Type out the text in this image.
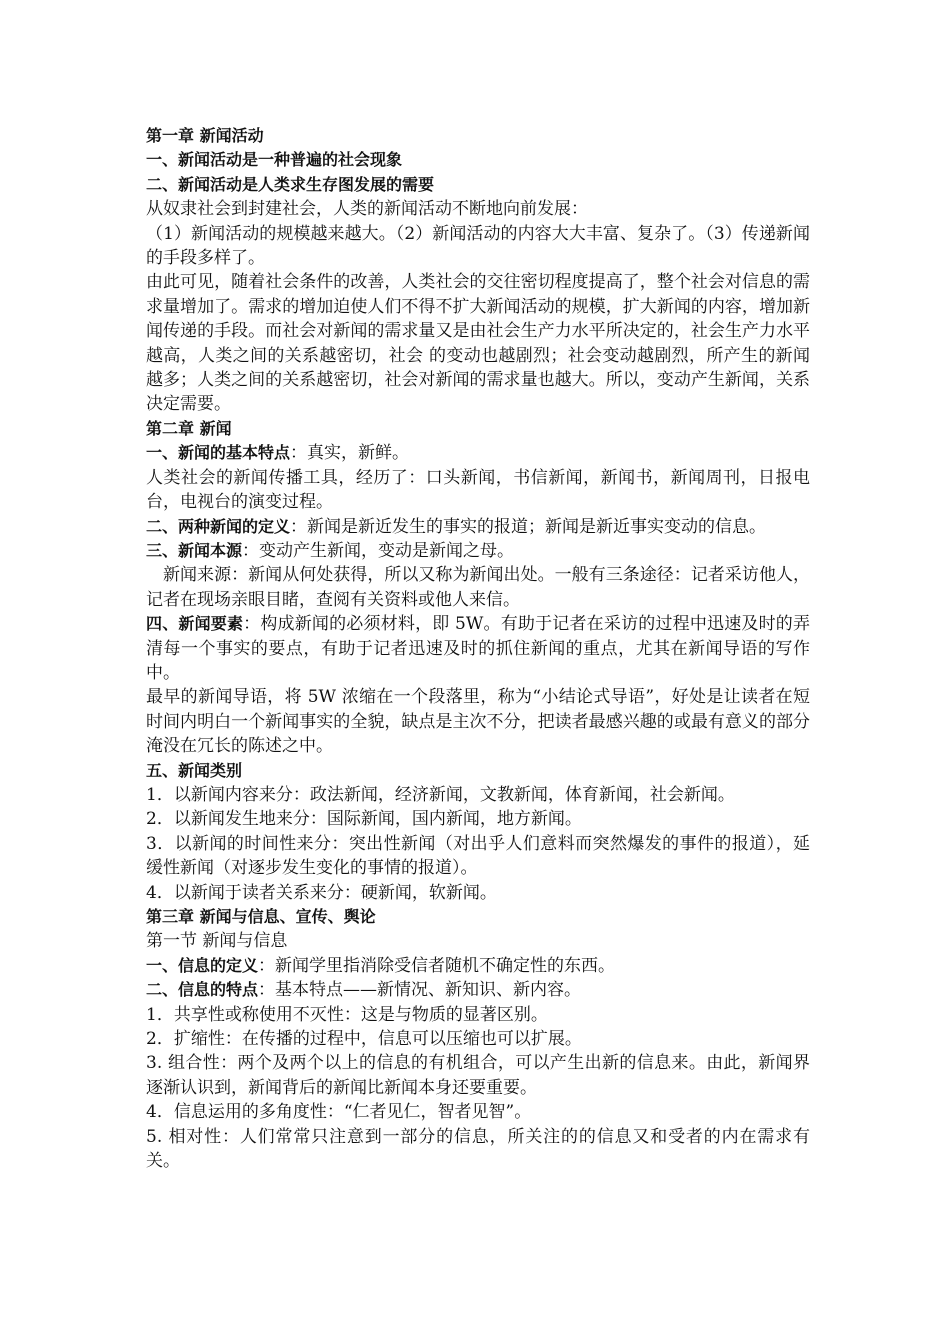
第一章 新闻活动

一、新闻活动是一种普遍的社会现象

二、新闻活动是人类求生存图发展的需要

从奴隶社会到封建社会，人类的新闻活动不断地向前发展：

（1）新闻活动的规模越来越大。（2）新闻活动的内容大大丰富、复杂了。（3）传递新闻的手段多样了。

由此可见，随着社会条件的改善，人类社会的交往密切程度提高了，整个社会对信息的需求量增加了。需求的增加迫使人们不得不扩大新闻活动的规模，扩大新闻的内容，增加新闻传递的手段。而社会对新闻的需求量又是由社会生产力水平所决定的，社会生产力水平越高，人类之间的关系越密切，社会 的变动也越剧烈；社会变动越剧烈，所产生的新闻越多；人类之间的关系越密切，社会对新闻的需求量也越大。所以，变动产生新闻，关系决定需要。

第二章 新闻

一、新闻的基本特点：真实，新鲜。

人类社会的新闻传播工具，经历了：口头新闻，书信新闻，新闻书，新闻周刊，日报电台，电视台的演变过程。

二、两种新闻的定义：新闻是新近发生的事实的报道；新闻是新近事实变动的信息。

三、新闻本源：变动产生新闻，变动是新闻之母。

新闻来源：新闻从何处获得，所以又称为新闻出处。一般有三条途径：记者采访他人，记者在现场亲眼目睹，查阅有关资料或他人来信。

四、新闻要素：构成新闻的必须材料，即 5W。有助于记者在采访的过程中迅速及时的弄清每一个事实的要点，有助于记者迅速及时的抓住新闻的重点，尤其在新闻导语的写作中。

最早的新闻导语，将 5W 浓缩在一个段落里，称为“小结论式导语”，好处是让读者在短时间内明白一个新闻事实的全貌，缺点是主次不分，把读者最感兴趣的或最有意义的部分淹没在冗长的陈述之中。

五、新闻类别

1．以新闻内容来分：政法新闻，经济新闻，文教新闻，体育新闻，社会新闻。

2．以新闻发生地来分：国际新闻，国内新闻，地方新闻。

3．以新闻的时间性来分：突出性新闻（对出乎人们意料而突然爆发的事件的报道），延缓性新闻（对逐步发生变化的事情的报道）。

4．以新闻于读者关系来分：硬新闻，软新闻。

第三章 新闻与信息、宣传、舆论

第一节 新闻与信息

一、信息的定义：新闻学里指消除受信者随机不确定性的东西。

二、信息的特点：基本特点——新情况、新知识、新内容。

1．共享性或称使用不灭性：这是与物质的显著区别。

2．扩缩性：在传播的过程中，信息可以压缩也可以扩展。

3. 组合性：两个及两个以上的信息的有机组合，可以产生出新的信息来。由此，新闻界逐渐认识到，新闻背后的新闻比新闻本身还要重要。

4．信息运用的多角度性：“仁者见仁，智者见智”。

5. 相对性：人们常常只注意到一部分的信息，所关注的的信息又和受者的内在需求有关。
